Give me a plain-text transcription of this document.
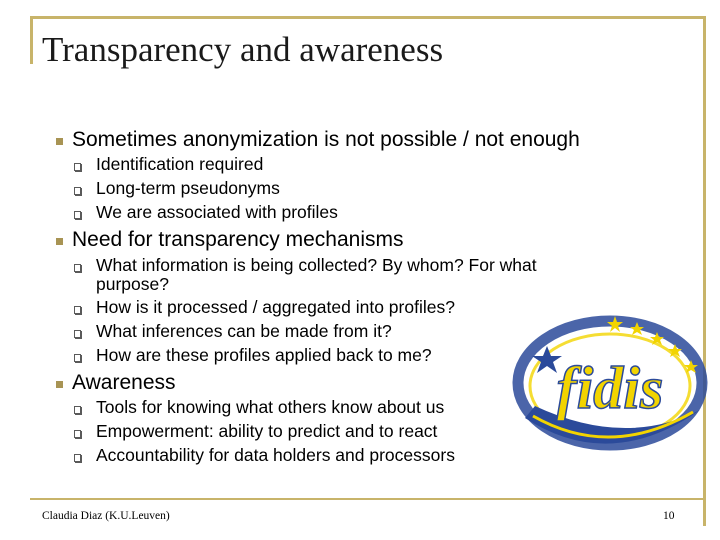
Transparency and awareness
Sometimes anonymization is not possible / not enough
Identification required
Long-term pseudonyms
We are associated with profiles
Need for transparency mechanisms
What information is being collected? By whom? For what purpose?
How is it processed / aggregated into profiles?
What inferences can be made from it?
How are these profiles applied back to me?
Awareness
Tools for knowing what others know about us
Empowerment: ability to predict and to react
Accountability for data holders and processors
fidis
Claudia Diaz (K.U.Leuven)	10
